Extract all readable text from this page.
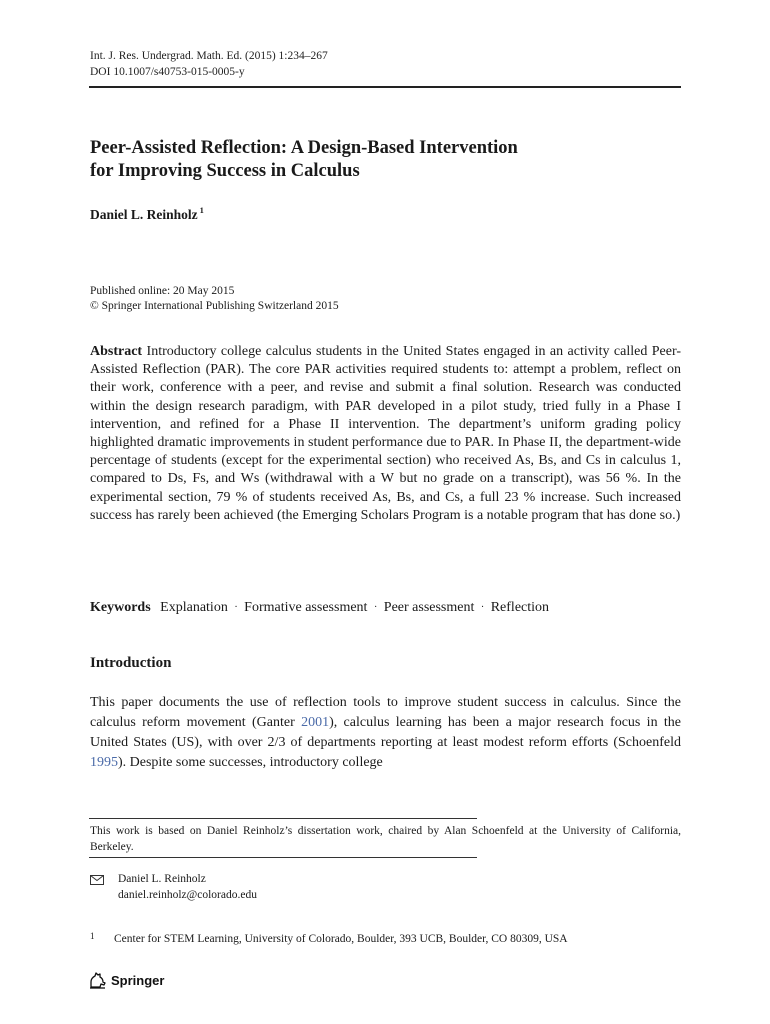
Int. J. Res. Undergrad. Math. Ed. (2015) 1:234–267
DOI 10.1007/s40753-015-0005-y
Peer-Assisted Reflection: A Design-Based Intervention
for Improving Success in Calculus
Daniel L. Reinholz $^1$
Published online: 20 May 2015
© Springer International Publishing Switzerland 2015
Abstract Introductory college calculus students in the United States engaged in an activity called Peer-Assisted Reflection (PAR). The core PAR activities required students to: attempt a problem, reflect on their work, conference with a peer, and revise and submit a final solution. Research was conducted within the design research paradigm, with PAR developed in a pilot study, tried fully in a Phase I intervention, and refined for a Phase II intervention. The department’s uniform grading policy highlighted dramatic improvements in student performance due to PAR. In Phase II, the department-wide percentage of students (except for the experimental section) who received As, Bs, and Cs in calculus 1, compared to Ds, Fs, and Ws (withdrawal with a W but no grade on a transcript), was 56 %. In the experimental section, 79 % of students received As, Bs, and Cs, a full 23 % increase. Such increased success has rarely been achieved (the Emerging Scholars Program is a notable program that has done so.)
Keywords Explanation · Formative assessment · Peer assessment · Reflection
Introduction
This paper documents the use of reflection tools to improve student success in calculus. Since the calculus reform movement (Ganter 2001), calculus learning has been a major research focus in the United States (US), with over 2/3 of departments reporting at least modest reform efforts (Schoenfeld 1995). Despite some successes, introductory college
This work is based on Daniel Reinholz’s dissertation work, chaired by Alan Schoenfeld at the University of California, Berkeley.
Daniel L. Reinholz
daniel.reinholz@colorado.edu
1	Center for STEM Learning, University of Colorado, Boulder, 393 UCB, Boulder, CO 80309, USA
Springer
